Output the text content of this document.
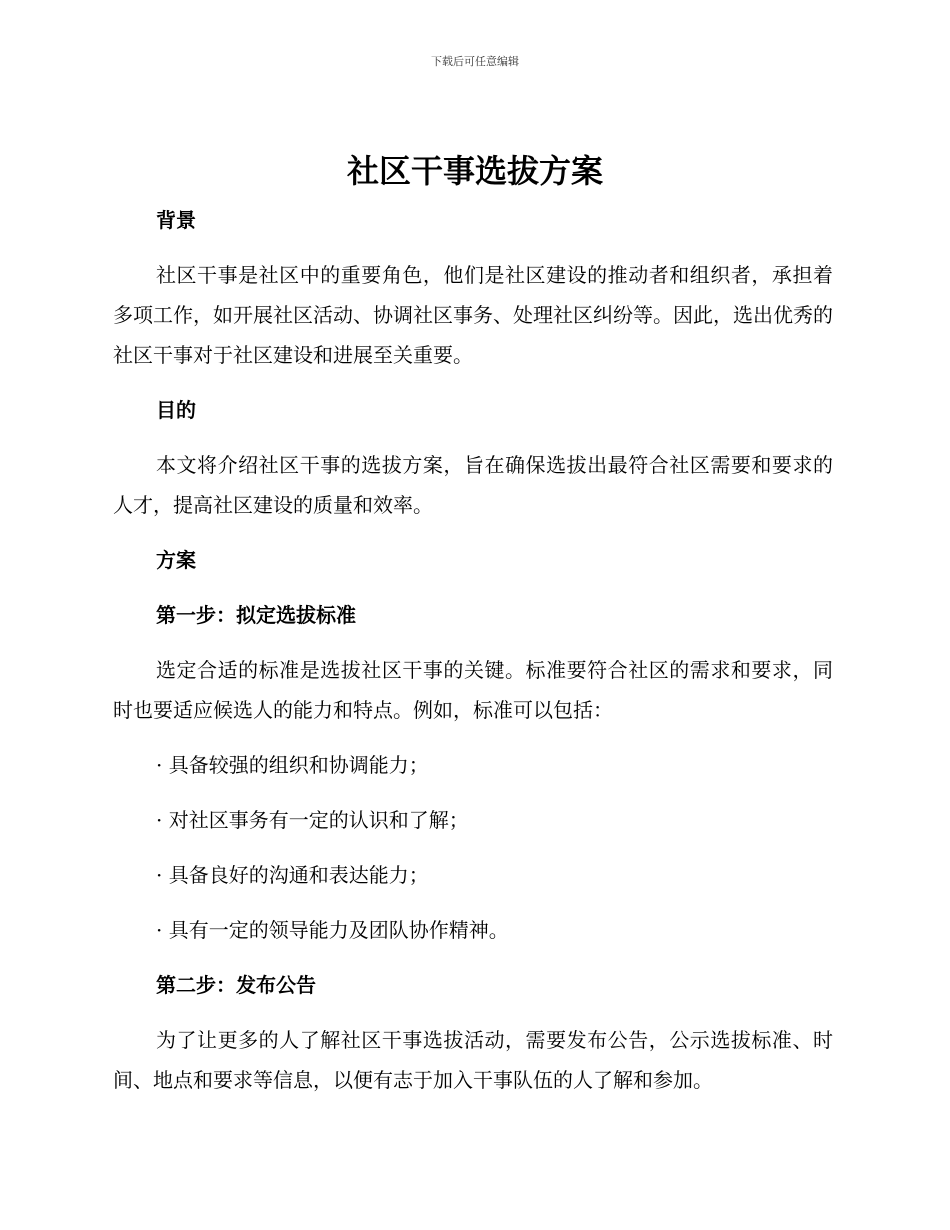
下载后可任意编辑
社区干事选拔方案

背景

社区干事是社区中的重要角色，他们是社区建设的推动者和组织者，承担着多项工作，如开展社区活动、协调社区事务、处理社区纠纷等。因此，选出优秀的社区干事对于社区建设和进展至关重要。

目的

本文将介绍社区干事的选拔方案，旨在确保选拔出最符合社区需要和要求的人才，提高社区建设的质量和效率。

方案

第一步：拟定选拔标准

选定合适的标准是选拔社区干事的关键。标准要符合社区的需求和要求，同时也要适应候选人的能力和特点。例如，标准可以包括：

· 具备较强的组织和协调能力；

· 对社区事务有一定的认识和了解；

· 具备良好的沟通和表达能力；

· 具有一定的领导能力及团队协作精神。

第二步：发布公告

为了让更多的人了解社区干事选拔活动，需要发布公告，公示选拔标准、时间、地点和要求等信息，以便有志于加入干事队伍的人了解和参加。
